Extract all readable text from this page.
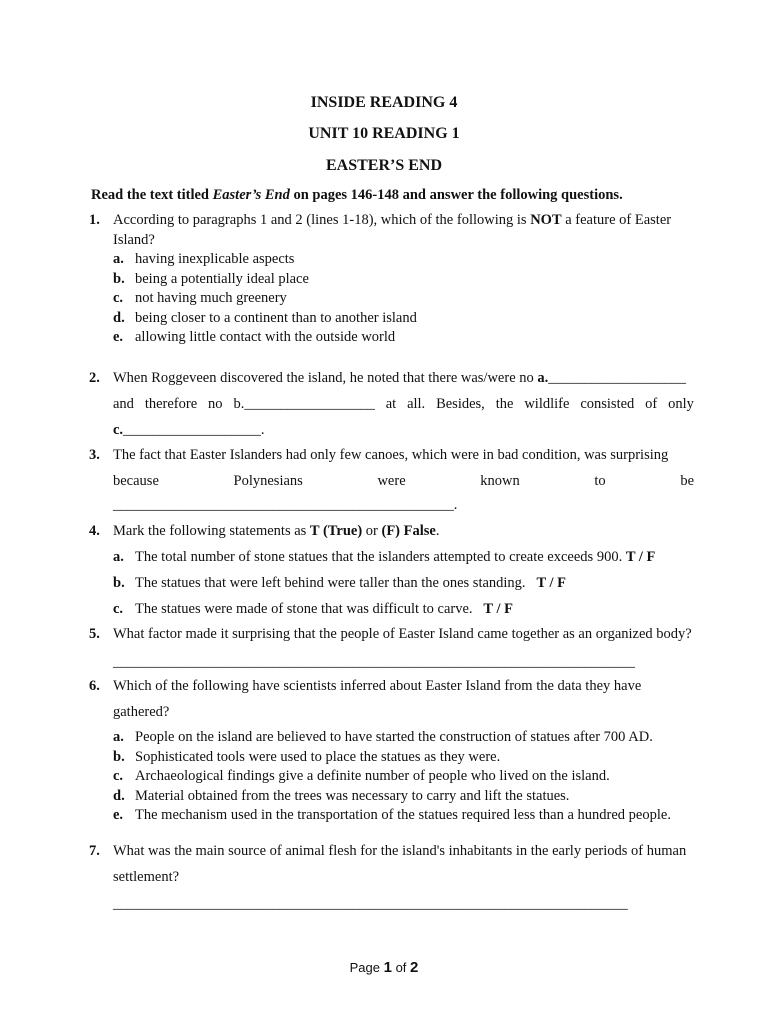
INSIDE READING 4
UNIT 10 READING 1
EASTER’S END
Read the text titled Easter’s End on pages 146-148 and answer the following questions.
1. According to paragraphs 1 and 2 (lines 1-18), which of the following is NOT a feature of Easter
Island?
a. having inexplicable aspects
b. being a potentially ideal place
c. not having much greenery
d. being closer to a continent than to another island
e. allowing little contact with the outside world
2. When Roggeveen discovered the island, he noted that there was/were no a.___________________
and therefore no b.__________________ at all. Besides, the wildlife consisted of only
c.___________________.
3. The fact that Easter Islanders had only few canoes, which were in bad condition, was surprising
because	Polynesians	were	known	to	be
_______________________________________________.
4. Mark the following statements as T (True) or (F) False.
a. The total number of stone statues that the islanders attempted to create exceeds 900. T / F
b. The statues that were left behind were taller than the ones standing.   T / F
c. The statues were made of stone that was difficult to carve.   T / F
5. What factor made it surprising that the people of Easter Island came together as an organized body?
________________________________________________________________________
6. Which of the following have scientists inferred about Easter Island from the data they have
gathered?
a. People on the island are believed to have started the construction of statues after 700 AD.
b. Sophisticated tools were used to place the statues as they were.
c. Archaeological findings give a definite number of people who lived on the island.
d. Material obtained from the trees was necessary to carry and lift the statues.
e. The mechanism used in the transportation of the statues required less than a hundred people.
7. What was the main source of animal flesh for the island's inhabitants in the early periods of human
settlement?
_______________________________________________________________________
Page 1 of 2
